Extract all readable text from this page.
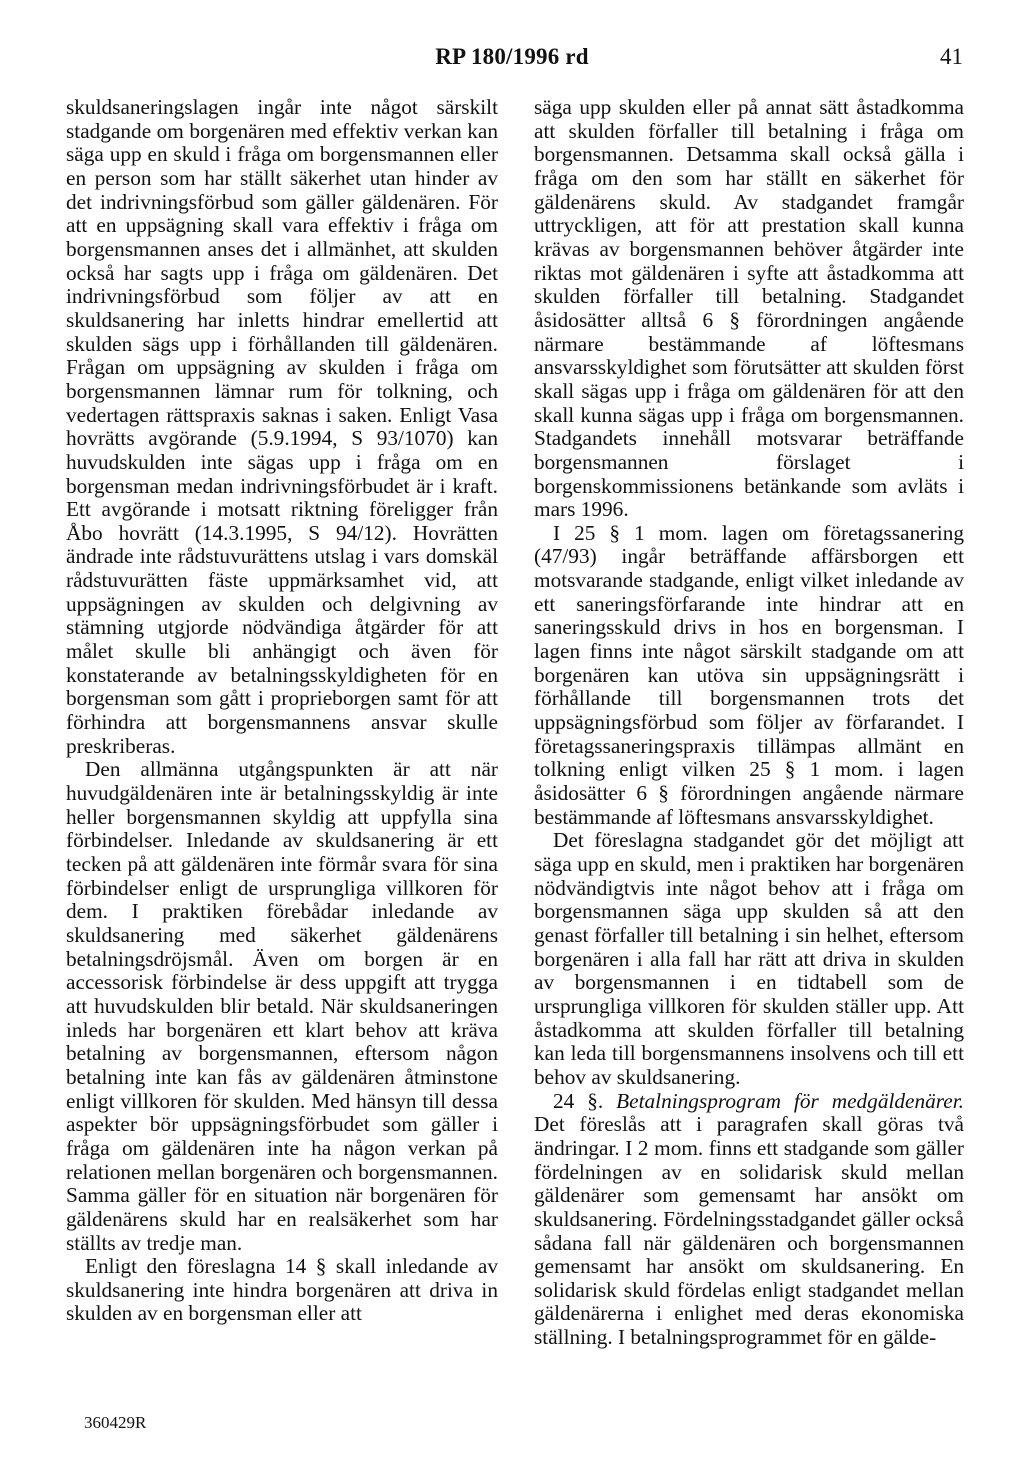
RP 180/1996 rd	41

skuldsaneringslagen ingår inte något särskilt stadgande om borgenären med effektiv verkan kan säga upp en skuld i fråga om borgensmannen eller en person som har ställt säkerhet utan hinder av det indrivningsförbud som gäller gäldenären. För att en uppsägning skall vara effektiv i fråga om borgensmannen anses det i allmänhet, att skulden också har sagts upp i fråga om gäldenären. Det indrivningsförbud som följer av att en skuldsanering har inletts hindrar emellertid att skulden sägs upp i förhållanden till gäldenären. Frågan om uppsägning av skulden i fråga om borgensmannen lämnar rum för tolkning, och vedertagen rättspraxis saknas i saken. Enligt Vasa hovrätts avgörande (5.9.1994, S 93/1070) kan huvudskulden inte sägas upp i fråga om en borgensman medan indrivningsförbudet är i kraft. Ett avgörande i motsatt riktning föreligger från Åbo hovrätt (14.3.1995, S 94/12). Hovrätten ändrade inte rådstuvurättens utslag i vars domskäl rådstuvurätten fäste uppmärksamhet vid, att uppsägningen av skulden och delgivning av stämning utgjorde nödvändiga åtgärder för att målet skulle bli anhängigt och även för konstaterande av betalningsskyldigheten för en borgensman som gått i proprieborgen samt för att förhindra att borgensmannens ansvar skulle preskriberas.

Den allmänna utgångspunkten är att när huvudgäldenären inte är betalningsskyldig är inte heller borgensmannen skyldig att uppfylla sina förbindelser. Inledande av skuldsanering är ett tecken på att gäldenären inte förmår svara för sina förbindelser enligt de ursprungliga villkoren för dem. I praktiken förebådar inledande av skuldsanering med säkerhet gäldenärens betalningsdröjsmål. Även om borgen är en accessorisk förbindelse är dess uppgift att trygga att huvudskulden blir betald. När skuldsaneringen inleds har borgenären ett klart behov att kräva betalning av borgensmannen, eftersom någon betalning inte kan fås av gäldenären åtminstone enligt villkoren för skulden. Med hänsyn till dessa aspekter bör uppsägningsförbudet som gäller i fråga om gäldenären inte ha någon verkan på relationen mellan borgenären och borgensmannen. Samma gäller för en situation när borgenären för gäldenärens skuld har en realsäkerhet som har ställts av tredje man.

Enligt den föreslagna 14 § skall inledande av skuldsanering inte hindra borgenären att driva in skulden av en borgensman eller att

säga upp skulden eller på annat sätt åstadkomma att skulden förfaller till betalning i fråga om borgensmannen. Detsamma skall också gälla i fråga om den som har ställt en säkerhet för gäldenärens skuld. Av stadgandet framgår uttryckligen, att för att prestation skall kunna krävas av borgensmannen behöver åtgärder inte riktas mot gäldenären i syfte att åstadkomma att skulden förfaller till betalning. Stadgandet åsidosätter alltså 6 § förordningen angående närmare bestämmande af löftesmans ansvarsskyldighet som förutsätter att skulden först skall sägas upp i fråga om gäldenären för att den skall kunna sägas upp i fråga om borgensmannen. Stadgandets innehåll motsvarar beträffande borgensmannen förslaget i borgenskommissionens betänkande som avläts i mars 1996.

I 25 § 1 mom. lagen om företagssanering (47/93) ingår beträffande affärsborgen ett motsvarande stadgande, enligt vilket inledande av ett saneringsförfarande inte hindrar att en saneringsskuld drivs in hos en borgensman. I lagen finns inte något särskilt stadgande om att borgenären kan utöva sin uppsägningsrätt i förhållande till borgensmannen trots det uppsägningsförbud som följer av förfarandet. I företagssaneringspraxis tillämpas allmänt en tolkning enligt vilken 25 § 1 mom. i lagen åsidosätter 6 § förordningen angående närmare bestämmande af löftesmans ansvarsskyldighet.

Det föreslagna stadgandet gör det möjligt att säga upp en skuld, men i praktiken har borgenären nödvändigtvis inte något behov att i fråga om borgensmannen säga upp skulden så att den genast förfaller till betalning i sin helhet, eftersom borgenären i alla fall har rätt att driva in skulden av borgensmannen i en tidtabell som de ursprungliga villkoren för skulden ställer upp. Att åstadkomma att skulden förfaller till betalning kan leda till borgensmannens insolvens och till ett behov av skuldsanering.

24 §. Betalningsprogram för medgäldenärer. Det föreslås att i paragrafen skall göras två ändringar. I 2 mom. finns ett stadgande som gäller fördelningen av en solidarisk skuld mellan gäldenärer som gemensamt har ansökt om skuldsanering. Fördelningsstadgandet gäller också sådana fall när gäldenären och borgensmannen gemensamt har ansökt om skuldsanering. En solidarisk skuld fördelas enligt stadgandet mellan gäldenärerna i enlighet med deras ekonomiska ställning. I betalningsprogrammet för en gälde-

360429R
